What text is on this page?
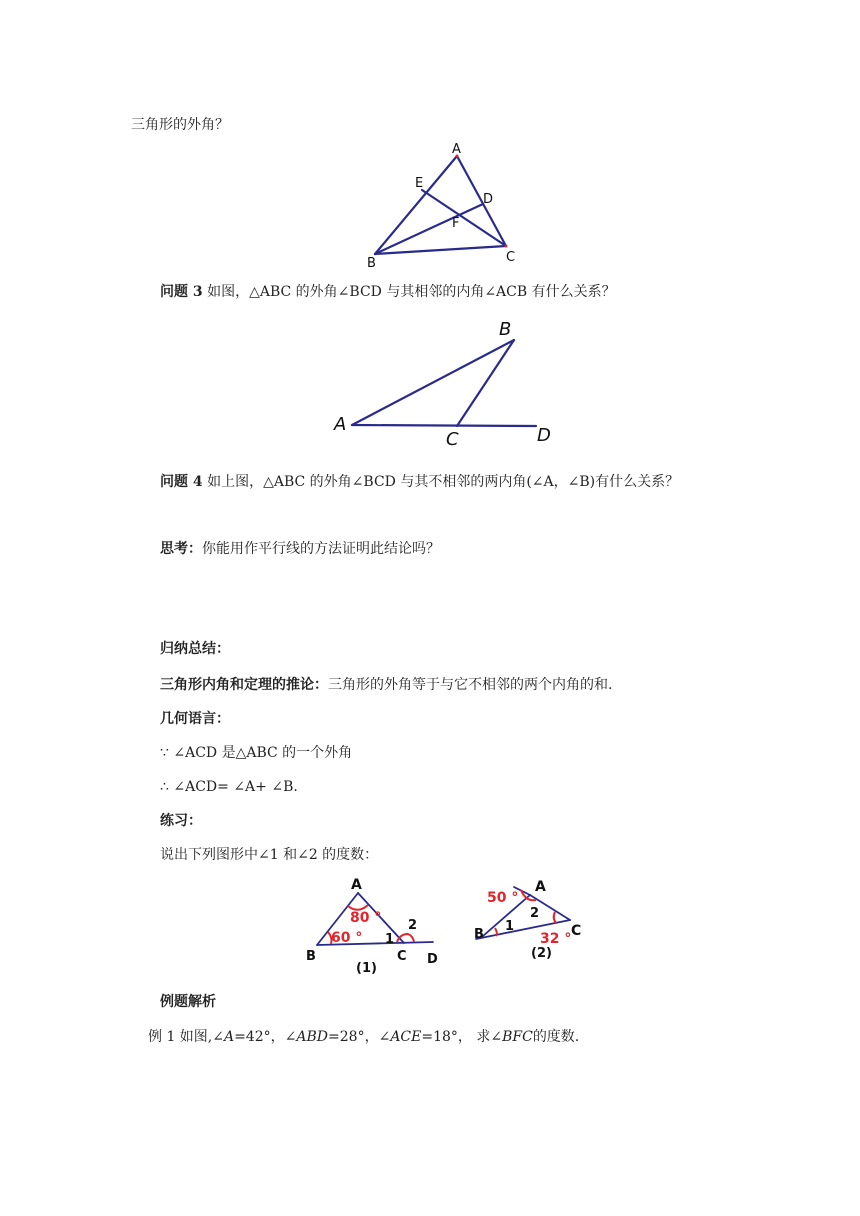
三角形的外角？
A
E
D
F
B	C
问题 3 如图，△ABC 的外角∠BCD 与其相邻的内角∠ACB 有什么关系？
B
A
C	D
问题 4 如上图，△ABC 的外角∠BCD 与其不相邻的两内角(∠A，∠B)有什么关系？
思考：你能用作平行线的方法证明此结论吗？
归纳总结：
三角形内角和定理的推论：三角形的外角等于与它不相邻的两个内角的和.
几何语言：
∵ ∠ACD 是△ABC 的一个外角
∴ ∠ACD= ∠A+ ∠B.
练习：
说出下列图形中∠1 和∠2 的度数：
A
80 °
60 ° 1
2
B	C D
(1)
A
50 °
2
1	C
32 °
B
(2)
例题解析
例 1 如图,∠A=42°，∠ABD=28°，∠ACE=18°， 求∠BFC的度数.
